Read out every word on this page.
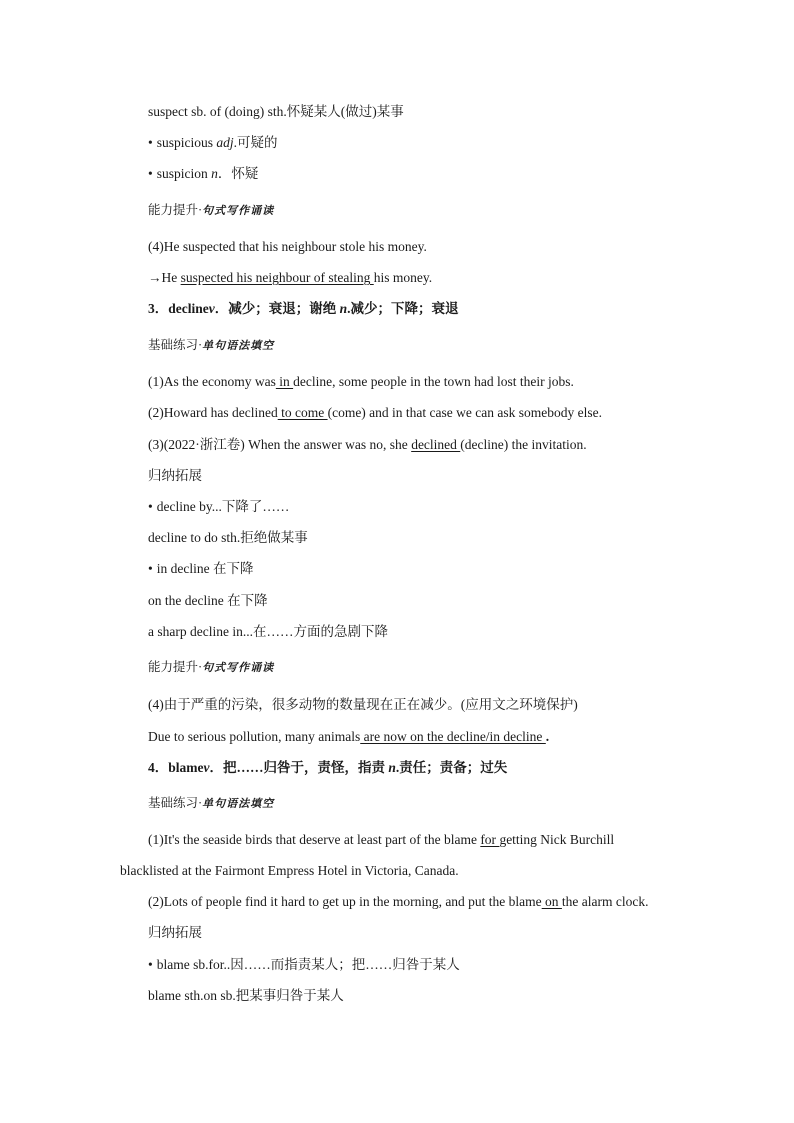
suspect sb. of (doing) sth.怀疑某人(做过)某事
• suspicious adj.可疑的
• suspicion n．怀疑
能力提升·句式写作诵读
(4)He suspected that his neighbour stole his money.
→He suspected his neighbour of stealing his money.
3．declinev．减少；衰退；谢绝 n.减少；下降；衰退
基础练习·单句语法填空
(1)As the economy was in decline, some people in the town had lost their jobs.
(2)Howard has declined to come (come) and in that case we can ask somebody else.
(3)(2022·浙江卷) When the answer was no, she declined (decline) the invitation.
归纳拓展
• decline by...下降了……
decline to do sth.拒绝做某事
• in decline 在下降
on the decline 在下降
a sharp decline in...在……方面的急剧下降
能力提升·句式写作诵读
(4)由于严重的污染，很多动物的数量现在正在减少。(应用文之环境保护)
Due to serious pollution, many animals are now on the decline/in decline .
4．blamev．把……归咎于，责怪，指责 n.责任；责备；过失
基础练习·单句语法填空
(1)It's the seaside birds that deserve at least part of the blame for getting Nick Burchill
blacklisted at the Fairmont Empress Hotel in Victoria, Canada.
(2)Lots of people find it hard to get up in the morning, and put the blame on the alarm clock.
归纳拓展
• blame sb.for..因……而指责某人；把……归咎于某人
blame sth.on sb.把某事归咎于某人
